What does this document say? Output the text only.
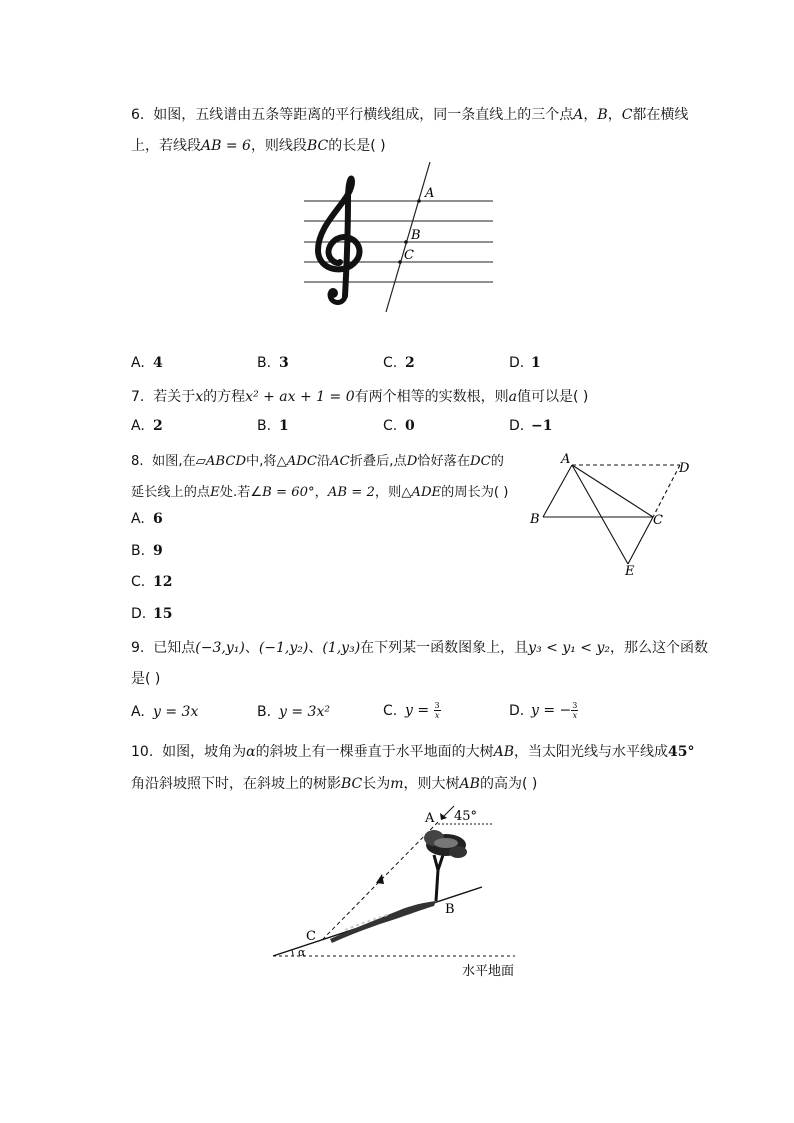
6. 如图，五线谱由五条等距离的平行横线组成，同一条直线上的三个点A，B，C都在横线
上，若线段AB = 6，则线段BC的长是( )
A
B
C
A. 4	B. 3	C. 2	D. 1
7. 若关于x的方程x² + ax + 1 = 0有两个相等的实数根，则a值可以是( )
A. 2	B. 1	C. 0	D. −1
8. 如图,在▱ABCD中,将△ADC沿AC折叠后,点D恰好落在DC的
延长线上的点E处.若∠B = 60°，AB = 2，则△ADE的周长为( )
A
D
B	C
E
A. 6
B. 9
C. 12
D. 15
9. 已知点(−3,y₁)、(−1,y₂)、(1,y₃)在下列某一函数图象上，且y₃ < y₁ < y₂，那么这个函数
是( )
A. y = 3x	B. y = 3x²	C. $y = \frac{3}{x}$	D. y = − $\frac{3}{x}$
10. 如图，坡角为α的斜坡上有一棵垂直于水平地面的大树AB，当太阳光线与水平线成45°
角沿斜坡照下时，在斜坡上的树影BC长为m，则大树AB的高为( )
A 45°
B
C
α
水平地面
